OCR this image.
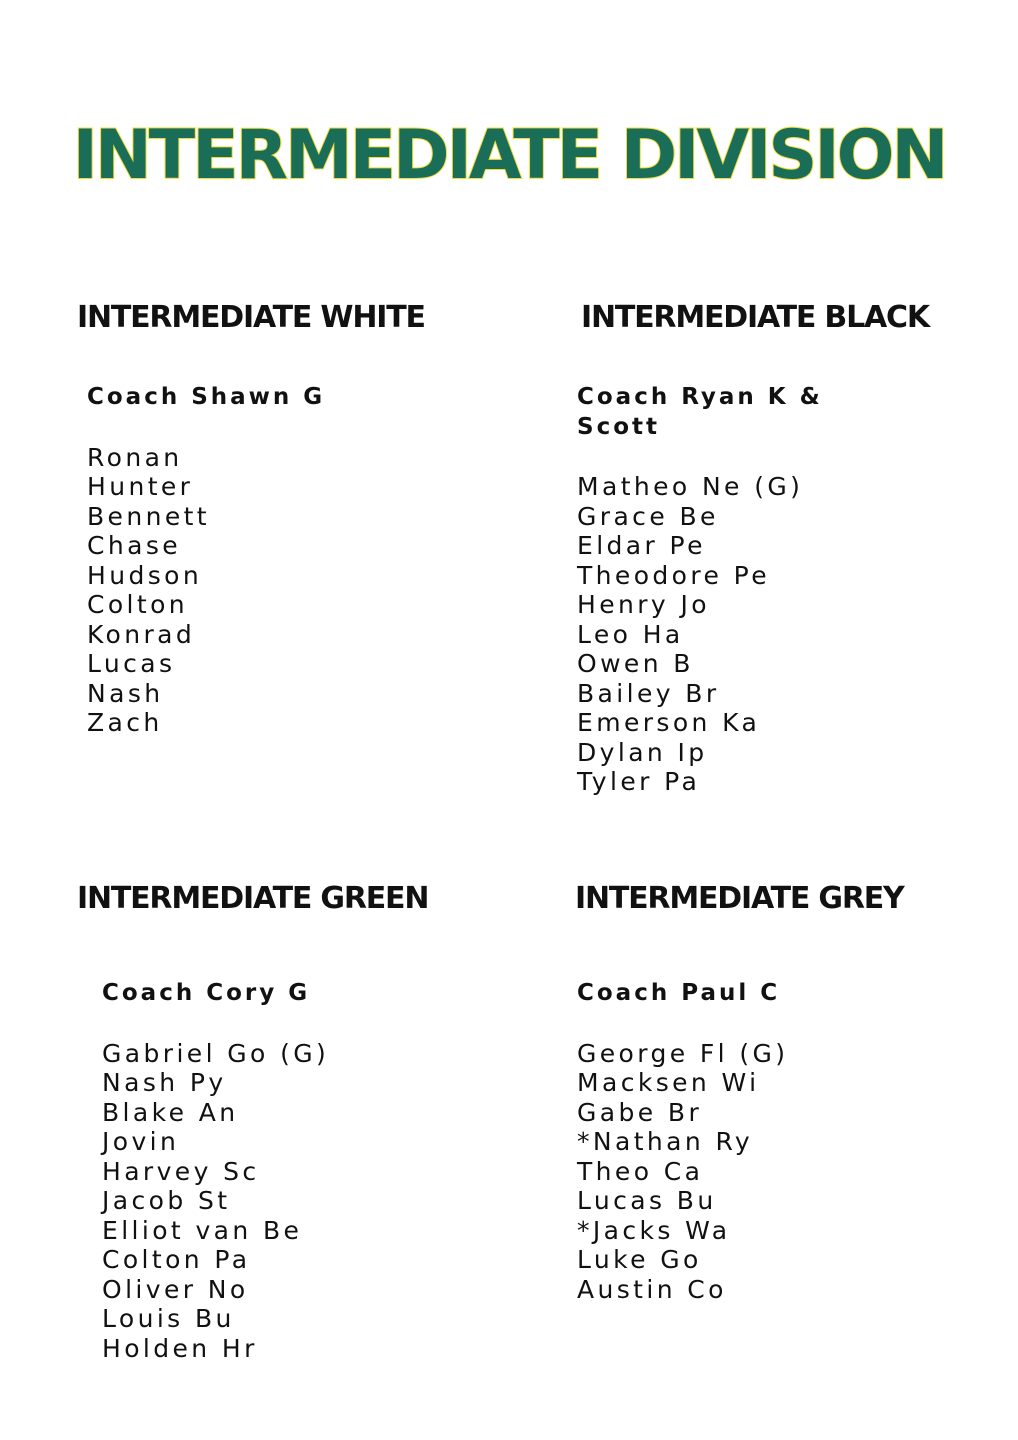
INTERMEDIATE DIVISION
INTERMEDIATE WHITE

Coach Shawn G

Ronan
Hunter
Bennett
Chase
Hudson
Colton
Konrad
Lucas
Nash
Zach
INTERMEDIATE BLACK

Coach Ryan K & Scott

Matheo Ne (G)
Grace Be
Eldar Pe
Theodore Pe
Henry Jo
Leo Ha
Owen B
Bailey Br
Emerson Ka
Dylan Ip
Tyler Pa
INTERMEDIATE GREEN

Coach Cory G

Gabriel Go (G)
Nash Py
Blake An
Jovin
Harvey Sc
Jacob St
Elliot van Be
Colton Pa
Oliver No
Louis Bu
Holden Hr
INTERMEDIATE GREY

Coach Paul C

George Fl (G)
Macksen Wi
Gabe Br
*Nathan Ry
Theo Ca
Lucas Bu
*Jacks Wa
Luke Go
Austin Co
